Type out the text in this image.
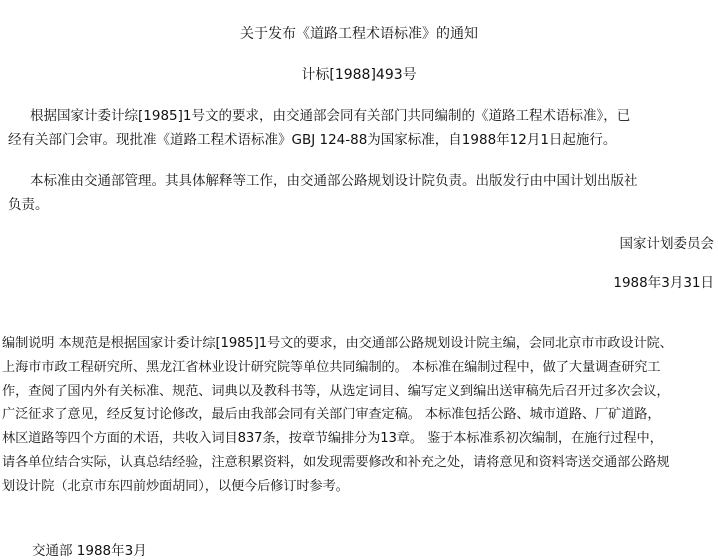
关于发布《道路工程术语标准》的通知
计标[1988]493号
根据国家计委计综[1985]1号文的要求，由交通部会同有关部门共同编制的《道路工程术语标准》，已
经有关部门会审。现批准《道路工程术语标准》GBJ 124-88为国家标准，自1988年12月1日起施行。
本标准由交通部管理。其具体解释等工作，由交通部公路规划设计院负责。出版发行由中国计划出版社
负责。
国家计划委员会
1988年3月31日
编制说明 本规范是根据国家计委计综[1985]1号文的要求，由交通部公路规划设计院主编，会同北京市市政设计院、
上海市市政工程研究所、黑龙江省林业设计研究院等单位共同编制的。 本标准在编制过程中，做了大量调查研究工
作，查阅了国内外有关标准、规范、词典以及教科书等，从选定词目、编写定义到编出送审稿先后召开过多次会议，
广泛征求了意见，经反复讨论修改，最后由我部会同有关部门审查定稿。 本标准包括公路、城市道路、厂矿道路，
林区道路等四个方面的术语，共收入词目837条，按章节编排分为13章。 鉴于本标准系初次编制，在施行过程中，
请各单位结合实际，认真总结经验，注意积累资料，如发现需要修改和补充之处，请将意见和资料寄送交通部公路规
划设计院（北京市东四前炒面胡同），以便今后修订时参考。
交通部 1988年3月
